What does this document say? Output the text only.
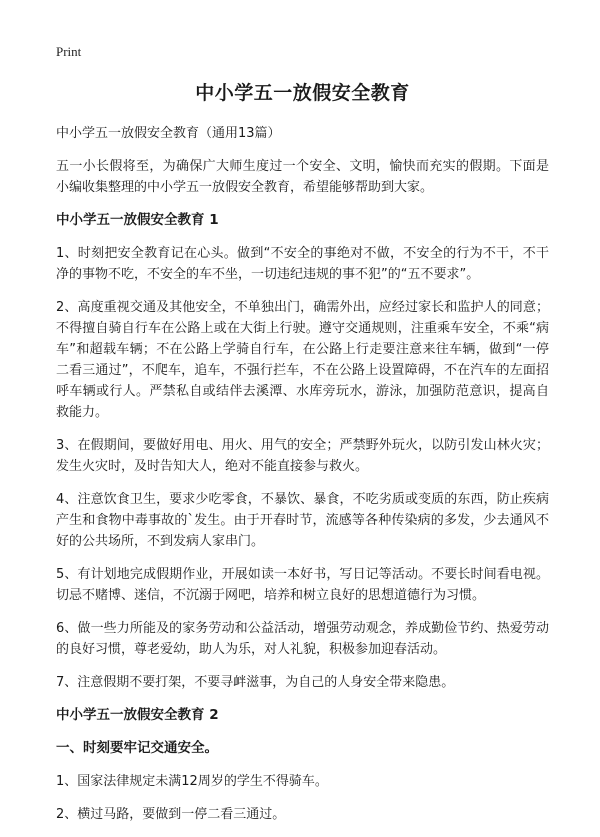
Print
中小学五一放假安全教育

中小学五一放假安全教育（通用13篇）

五一小长假将至，为确保广大师生度过一个安全、文明，愉快而充实的假期。下面是小编收集整理的中小学五一放假安全教育，希望能够帮助到大家。

中小学五一放假安全教育 1

1、时刻把安全教育记在心头。做到“不安全的事绝对不做，不安全的行为不干，不干净的事物不吃，不安全的车不坐，一切违纪违规的事不犯”的“五不要求”。

2、高度重视交通及其他安全，不单独出门，确需外出，应经过家长和监护人的同意；不得擅自骑自行车在公路上或在大街上行驶。遵守交通规则，注重乘车安全，不乘“病车”和超载车辆；不在公路上学骑自行车，在公路上行走要注意来往车辆，做到“一停二看三通过”，不爬车，追车，不强行拦车，不在公路上设置障碍，不在汽车的左面招呼车辆或行人。严禁私自或结伴去溪潭、水库旁玩水，游泳，加强防范意识，提高自救能力。

3、在假期间，要做好用电、用火、用气的安全；严禁野外玩火，以防引发山林火灾；发生火灾时，及时告知大人，绝对不能直接参与救火。

4、注意饮食卫生，要求少吃零食，不暴饮、暴食，不吃劣质或变质的东西，防止疾病产生和食物中毒事故的`发生。由于开春时节，流感等各种传染病的多发，少去通风不好的公共场所，不到发病人家串门。

5、有计划地完成假期作业，开展如读一本好书，写日记等活动。不要长时间看电视。切忌不赌博、迷信，不沉溺于网吧，培养和树立良好的思想道德行为习惯。

6、做一些力所能及的家务劳动和公益活动，增强劳动观念，养成勤俭节约、热爱劳动的良好习惯，尊老爱幼，助人为乐，对人礼貌，积极参加迎春活动。

7、注意假期不要打架，不要寻衅滋事，为自己的人身安全带来隐患。

中小学五一放假安全教育 2
一、时刻要牢记交通安全。

1、国家法律规定未满12周岁的学生不得骑车。

2、横过马路，要做到一停二看三通过。
